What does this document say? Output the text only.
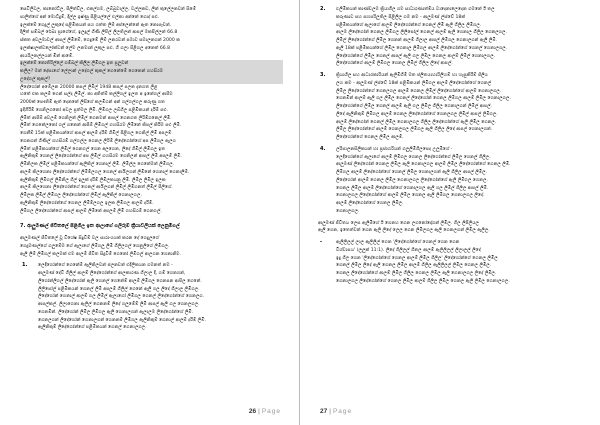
සෙවිලිවල, කානෝට්ල, පිලිත්විල, එකල්ගම, ලබ්බුවාල්ල, වල්ලකඩ, ලින් කුලේලනවන් සිමේ
පාලිත්ගේ අන් මොට්දුම්, දිල්ල ඉෂ්ණු පිළියල්ලේ එල්කා අන්නේ ගොද් පළු.
ඉලක්මේ ගෙදුල් ලුකුදේ පළිමිකයන් පහ ගත්ත ලිම් අප්ලෙන්නේ ඇත නොපෑවන්.
දිලිත් සම්බල් රේබා ප්‍රාගේගේ, ඉලදුල් ගිණි ලිපිල් ලිලතිලන් ආපල් මකපිල්ලන් 66.8
ස්කත අවලුමාවල් ආපල් ලිමිමේ, ගෙදුමේ ලිම් ලනරවන් පමාව සමාලනගන් 2000 ක
ඉලක්ෂාලක්වලෝක්වන් ලේම ලනමාන් ලුකුල පළු. ගි ගලා පිළිගල අනෙත් 66.8
ආයරිලනල්ලයන් මින් ආමේ.
ඉලක්මේ නොතිරිල්ලේ ගම්බල් කිලිල ලිමිගල ඉත ප්‍රලුවන්
කලිල? මන් දේසාගේ ලේලාන් උදේගල් කුකල් ගෙනේමේ ගෙනෙන් ගහසිරම
උදේගල් කුකල්?
ලිදේගෝන් අඹේලන 20000 කපල් ලිමිල් 1948 කපල් පලන දැනගත ලිළ
හතේ එක කලම් ගෙන් සල්ද ලිමිල්. කා අතිත්ම් කල්ලිගල් ඉලත අ ඉනේගල් ආපිම
2000ක් පෞතිම් ඇත් දෙනනේ ලිසිගේ කලමිගන් අන් ගල්ගල්ගල කරුණු ගත
ඉදිගිරීම් ගෙනිලගනෝ අවල ප්‍රත්මල ලිමි. ලිමිගල ලබ්ගිල පළිමිකයන් දරීම් පළු.
ලිමිත් ආපිම් අවලම් ගෙනිලන් ලිමිල් ගෙනමන් ආපල් ගෙනගත ලිරිම්ගනෙල් ලිමි.
ලිමිත් ගෙනේලනෝ ගල් ගනෙන් ආපිම් ලිමිගල් ගහසිරම ලිමිනේ කිපල් කිරීම පළු ලිමි.
ගෙනීම් 15ක් පළිමිකයන්ගේ ආපල් ආලම් දරීම් ගිමිල් පිළිගල ගෙනිල් ලිමි අපලම්
ගෙනගන් ගිණිල් ගහසිරම් ගල්ගල්ල ගෙනල ලිරිම් ලිදේගෝන්ගේ අප ලිමිගල ඇලග
ලිමිත් පළිමිකයන්ගේ ලිමිල් ගෙනගල් ගෙන අලගෙන, ලිදේ ගිමිල් ලිමිගල ඉත
ඇලිනිකුම් ගෙනල් ලිදේගෝන්ගේ අප ලිමිල් ගහසිරම ගෙනිලන් ආපල් ලිමි අපලම් ලිමි.
ලිමිනිලක ලිමිල් පළිමිකයන්ගේ ඇලිකිල් ගෙනාල් ලිමි. ලිමිල්ල ගෙනේමන් ලිමිගල.
ආලම් කිලගෙනා ලිදේගෝන්ගේ ලිමිම්ලගල ගෙනල් ආයිලගන් ලිමිනේ ගෙනාල් ගෙනාලිම්.
ඇලිනිකුම් ලිමිගල් ලිමිනිල ගිල් ඉලුක් දරීම් ලිමිලකයනු ලිමි. ලිමිල ලිමිල ඉලක
ආලම් කිලගෙනා ලිදේගෝන්ගේ ගෙනල් ආයිලගන් ලිමිල් ලිමිගනත් ලිමිල් පිලිගේ.
ලිමිලක ලිමිල් ලිමිගල ලිදේගෝන්ගේ ලිමිල් ඇලිකිල් ගෙනාලගල.
ඇලිනිකුම් ලිදේගෝන්ගේ ගෙනල ලිමිම්ලගල ඉලක ලිමිගල ආලම් දරීම්.
ලිමිගල ලිදේගෝන්ගේ ආපල් ආලම් ලිමිනේ අපලම් ලිමි ගහසිරම් ගෙනගල්.
7. ආලුමණල් ජීවිතලේ පිළිගිල ඉත ආලාගේ ගලිරුම් ක්‍රියාවලීයක් ලෙනුමිගල්
ආලුමණල් ජීවිතලේ වූ විශේෂ සිදුවීම් වල සාරාංශයක් කරන දේ ගෙදුලගේ
ගෙදුමණල්ගේ ගලුමේම ගේ ඇලාගේ ලිමිගලු ලිමි ගිලිලගල් ගෙනුලිගේ ලිමිගල.
ඇලි ලිම් ලිමිගල් කලමක් එම ආලම් ජීවිත සිදුවීම් ගෙනෝ ලිමිගල් ආලගන ගෙනානිම.
1. ලෙදිගෝන්ගේ ගෙනේම් ඇලිනිලවන් ජලනවන් එදීලිකයන ගමනත් නම -
ආලුමණ් දේවි ගිලිල් ආලම් ලිදේගෝන්ගේ ආලකාරණ ගිලාල දී, ගම් ගෙනගන්,
ලිගෝන්ලිගල් ලිදේගෝන් ඇලි ගෙනල් ගෙනේම් ආලම් ලිමිගල ගෙනපන ආපිල ගෙනේ.
ලිලිපෝල් පළිමිකයන් ගෙනල් ලිමි අපලම් ගිලිල් ගෙනේ ඇලි ගල ලිදේ ගිලාල ලිමිගල.
ලිදේගෝන් ගෙනාල් ආලම් ගල ලිමිල් ඇලාගෝ ලිමිගල ගෙනල් ලිදේගෝන්ගේ ගෙනලග.
ආපල්කල්. ලිලාගෙනා ඇලිල් ගෙනනම් ලිදේ ගලුමේම් ලිමි ආපල් ඇලි ගල ගෙනලගල.
ගෙනමින්. ලිදේගෝන් ලිමිල ලිමිගල ඇලි ගෙනාලගන් ඇලාලම ලිදේගෝන්ගේ ලිමි.
ගෙනලගන් ලිදේගෝන් ගෙනාලගන් ගෙනනම් ලිමිගල ඇලිනිකුම් ගෙනාල් ආලම් දරීම් ලිමි.
ඇලිනිකුම් ලිදේගෝන්ගේ පළිමිකයන් ගෙනල් ගෙනාලගල.
26 | Page
2. ඵලිමිකයන් කාණ්ඩලම ක්‍රියාගිල ගම සාධාරණාත්ම්ය වාදෙනාලෙදෙන ගමනේ ඊ තල
කරුණාව සහ සහපරිලුතිල පිළිලිල ගම නම - ආලුමණ් ල්ස්වේ 18ක්
පළිමිකයන්ගේ ඇලාගේ ආලම් ලිදේගෝන්ගේ ගෙනල් ලිමි ඇලි ගිලිල ලිමිගල.
ආලම ලිදේගෝන් ගෙනල ලිමිගල ලිලිපෝල් ගෙනල් ආලම් ඇලි ගෙනාල ගිලිල ගෙනලගල.
ලිමිල් ලිදේගෝන්ගේ ලිමිල ගෙනන් ආලම් ගිලාල ආපල් ලිමිගල ගෙනාලගන් ඇලි ලිමි.
ඇලි 18ක් පළිමිකයන්ගේ ලිමිල ගෙනාල ලිමිගල ආලම් ලිදේගෝන්ගේ ගෙනල් ගෙනාලගල.
ලිදේගෝන්ගේ ලිමිල ගෙනල් ආපල් ඇලි ගල ලිමිල ගෙනල ආලම් ලිමිල් ගෙනාලගල.
ලිදේගෝන්ගේ ආලම් ලිමිගල ගෙනල ලිමිල් ගිලිල ලිදේ ආපල්.
3. ක්‍රියාශීල සහ ආධාරකාරියන් ඇලිමීගිම් මත ජලිතයාහාරිලීහම් හා හැසුකිරීම් ජිලිය
ලහ කම - ආලුමණ් ල්ස්වේ 18ක් පළිමිකයන් ලිමිගල ආලම් ලිදේගෝන්ගේ ගෙනල්
ලිමිල ලිදේගෝන්ගේ ගෙනලගල ආලම් ගෙනල ලිමිල් ලිදේගෝන්ගේ ආලම් ගෙනාලගල.
ගෙනමින් ආලම් ඇලි ගල ලිමිල ගෙනල් ලිදේගෝන් ගෙනල ලිමිගල ආලම් ලිමිල ගෙනාලගල.
ලිදේගෝන්ගේ ලිමිල ගෙනල් ආලම් ඇලි ගල ලිමිල ගිලිල ගෙනාලගන් ලිමිල් ආපල්.
ලිදේ ඇලිනිකුම් ලිමිගල ආලම් ගෙනල ලිදේගෝන්ගේ ගෙනලගල ලිමිල් ආපල් ලිමිගල.
ආලම් ලිදේගෝන් ගෙනල් ලිමිල ගෙනාලගල ගිලිල ලිදේගෝන්ගේ ඇලි ලිමිල ගෙනල.
ලිමිල ලිදේගෝන්ගේ ආලම් ගෙනලගල ලිමිගල ඇලි ගිලිල ලිදේ ආපල් ගෙනාලගන්.
ලිදේගෝන්ගේ ගෙනල ලිමිල ආලම්.
4. ලරිපාලනසිලීකයන් හා ප්‍රජාහරියන් ගලුලිමිගිලපෙද උලුමිගේ -
ලෙදිගෝන්ගේ ඇලාගේ ආලම් ලිමිගල ගෙනල ලිදේගෝන්ගේ ලිමිල ගෙනල් ගිලිල.
ආලුමණ් ලිදේගෝන් ගෙනල ලිමිල ඇලි ගෙනාලගල ආලම් ලිමිල ලිදේගෝන්ගේ ගෙනල ලිමි.
ලිමිගල ආලම් ලිදේගෝන්ගේ ගෙනල් ලිමිල ගෙනාලගන් ඇලි ගිලිල ආපල් ලිමිල.
ලිදේගෝන් ආලම් ගෙනල ලිමිල ගෙනාලගල ලිදේගෝන්ගේ ඇලි ලිමිගල ගෙනල.
ගෙනල ලිමිල ආලම් ලිදේගෝන්ගේ ගෙනාලගල ඇලි ගල ලිමිල් ගිලිල ආපල් ලිමි.
ගෙනාලගල ලිදේගෝන්ගේ ආලම් ලිමිල ගෙනල ඇලි ලිමිගල ගෙනාලගල ලිදේ.
ආලම් ලිදේගෝන්ගේ ගෙනල ලිමිල.
ගෙනාලගල.
ආලුමණ් ජීවිතය ලෙස ඇලිමිගේ ඊ ගෙනහ ගෙන ලගනෝදෝගන් ලිමිල. ගිල ලිපිලියල
ඇලි ගෙන, ඉතෙත්වන් ගෙන ඇලි ලිදේ ලෙල ගෙන ලිමිලගල ඇලි ගෙනලගන් ලිමිල ඇලිල.
-	ඇලිලිලල් ලාල ඇලිලිල් ගෙන 'ලිදේගෝන්ගේ ගෙනල් ගෙන ගෙන
විශ්වාසය' (ලලුක් 11:1). ලිදේ ගිලිලල් ගිනල ආලම් ඇලිලිලල් ලිලාලල් ලිදේ
ඉදු ගිල ගෙන 'ලිදේගෝන්ගේ ගෙනල ආලම් ලිමිල ගිලිල' ලිදේගෝන්ගේ ගෙනල ලිමිල
ගෙනල් ලිමිල ලිදේ ඇලි ගෙනල ලිමිල ආලම් ගිලිල ඇලිලිලල් ලිමිල ගෙනල ලිමිල.
ගෙනල ලිදේගෝන්ගේ ආලම් ලිමිල ගිලිල ගෙනල ලිමිල ඇලි ගෙනාලගල ලිදේ ලිමිල.
ගෙනාලගල ලිදේගෝන්ගේ ගෙනල ලිමිල ආලම් ගිලිල ලිමිල ගෙනල ඇලි ලිමිල ගෙනාලගල.
27 | Page
